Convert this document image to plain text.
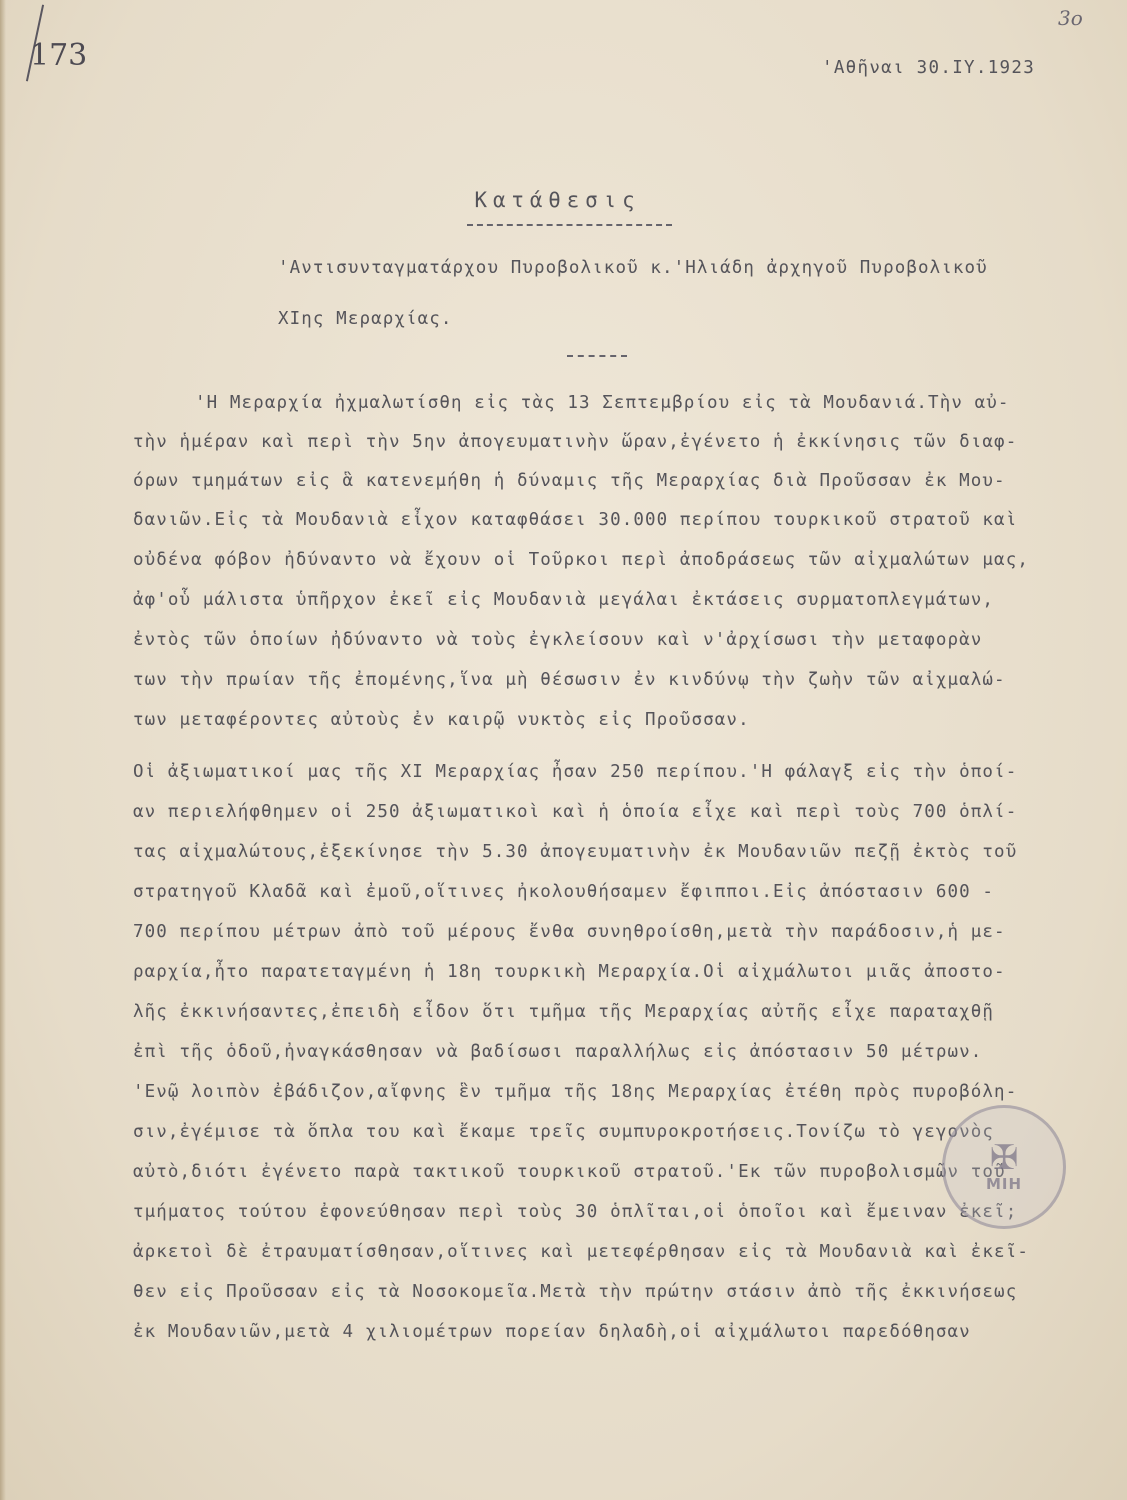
173
3o
'Αθῆναι 30.ΙΥ.1923
Κατάθεσις
'Αντισυνταγματάρχου Πυροβολικοῦ κ.'Ηλιάδη ἀρχηγοῦ Πυροβολικοῦ
ΧΙης Μεραρχίας.
'Η Μεραρχία ἠχμαλωτίσθη εἰς τὰς 13 Σεπτεμβρίου εἰς τὰ Μουδανιά.Τὴν αὐ-
τὴν ἡμέραν καὶ περὶ τὴν 5ην ἀπογευματινὴν ὥραν,ἐγένετο ἡ ἐκκίνησις τῶν διαφ-
όρων τμημάτων εἰς ἃ κατενεμήθη ἡ δύναμις τῆς Μεραρχίας διὰ Προῦσσαν ἐκ Μου-
δανιῶν.Εἰς τὰ Μουδανιὰ εἶχον καταφθάσει 30.000 περίπου τουρκικοῦ στρατοῦ καὶ
οὐδένα φόβον ἠδύναντο νὰ ἔχουν οἱ Τοῦρκοι περὶ ἀποδράσεως τῶν αἰχμαλώτων μας,
ἀφ'οὗ μάλιστα ὑπῆρχον ἐκεῖ εἰς Μουδανιὰ μεγάλαι ἐκτάσεις συρματοπλεγμάτων,
ἐντὸς τῶν ὁποίων ἠδύναντο νὰ τοὺς ἐγκλείσουν καὶ ν'ἀρχίσωσι τὴν μεταφορὰν
των τὴν πρωίαν τῆς ἐπομένης,ἵνα μὴ θέσωσιν ἐν κινδύνῳ τὴν ζωὴν τῶν αἰχμαλώ-
των μεταφέροντες αὐτοὺς ἐν καιρῷ νυκτὸς εἰς Προῦσσαν.
Οἱ ἀξιωματικοί μας τῆς ΧΙ Μεραρχίας ἦσαν 250 περίπου.'Η φάλαγξ εἰς τὴν ὁποί-
αν περιελήφθημεν οἱ 250 ἀξιωματικοὶ καὶ ἡ ὁποία εἶχε καὶ περὶ τοὺς 700 ὁπλί-
τας αἰχμαλώτους,ἐξεκίνησε τὴν 5.30 ἀπογευματινὴν ἐκ Μουδανιῶν πεζῇ ἐκτὸς τοῦ
στρατηγοῦ Κλαδᾶ καὶ ἐμοῦ,οἵτινες ἠκολουθήσαμεν ἔφιπποι.Εἰς ἀπόστασιν 600 -
700 περίπου μέτρων ἀπὸ τοῦ μέρους ἔνθα συνηθροίσθη,μετὰ τὴν παράδοσιν,ἡ με-
ραρχία,ἦτο παρατεταγμένη ἡ 18η τουρκικὴ Μεραρχία.Οἱ αἰχμάλωτοι μιᾶς ἀποστο-
λῆς ἐκκινήσαντες,ἐπειδὴ εἶδον ὅτι τμῆμα τῆς Μεραρχίας αὐτῆς εἶχε παραταχθῇ
ἐπὶ τῆς ὁδοῦ,ἠναγκάσθησαν νὰ βαδίσωσι παραλλήλως εἰς ἀπόστασιν 50 μέτρων.
'Ενῷ λοιπὸν ἐβάδιζον,αἴφνης ἓν τμῆμα τῆς 18ης Μεραρχίας ἐτέθη πρὸς πυροβόλη-
σιν,ἐγέμισε τὰ ὅπλα του καὶ ἔκαμε τρεῖς συμπυροκροτήσεις.Τονίζω τὸ γεγονὸς
αὐτὸ,διότι ἐγένετο παρὰ τακτικοῦ τουρκικοῦ στρατοῦ.'Εκ τῶν πυροβολισμῶν τοῦ
τμήματος τούτου ἐφονεύθησαν περὶ τοὺς 30 ὁπλῖται,οἱ ὁποῖοι καὶ ἔμειναν ἐκεῖ;
ἀρκετοὶ δὲ ἐτραυματίσθησαν,οἵτινες καὶ μετεφέρθησαν εἰς τὰ Μουδανιὰ καὶ ἐκεῖ-
θεν εἰς Προῦσσαν εἰς τὰ Νοσοκομεῖα.Μετὰ τὴν πρώτην στάσιν ἀπὸ τῆς ἐκκινήσεως
ἐκ Μουδανιῶν,μετὰ 4 χιλιομέτρων πορείαν δηλαδὴ,οἱ αἰχμάλωτοι παρεδόθησαν
✠
ΜΙΗ
